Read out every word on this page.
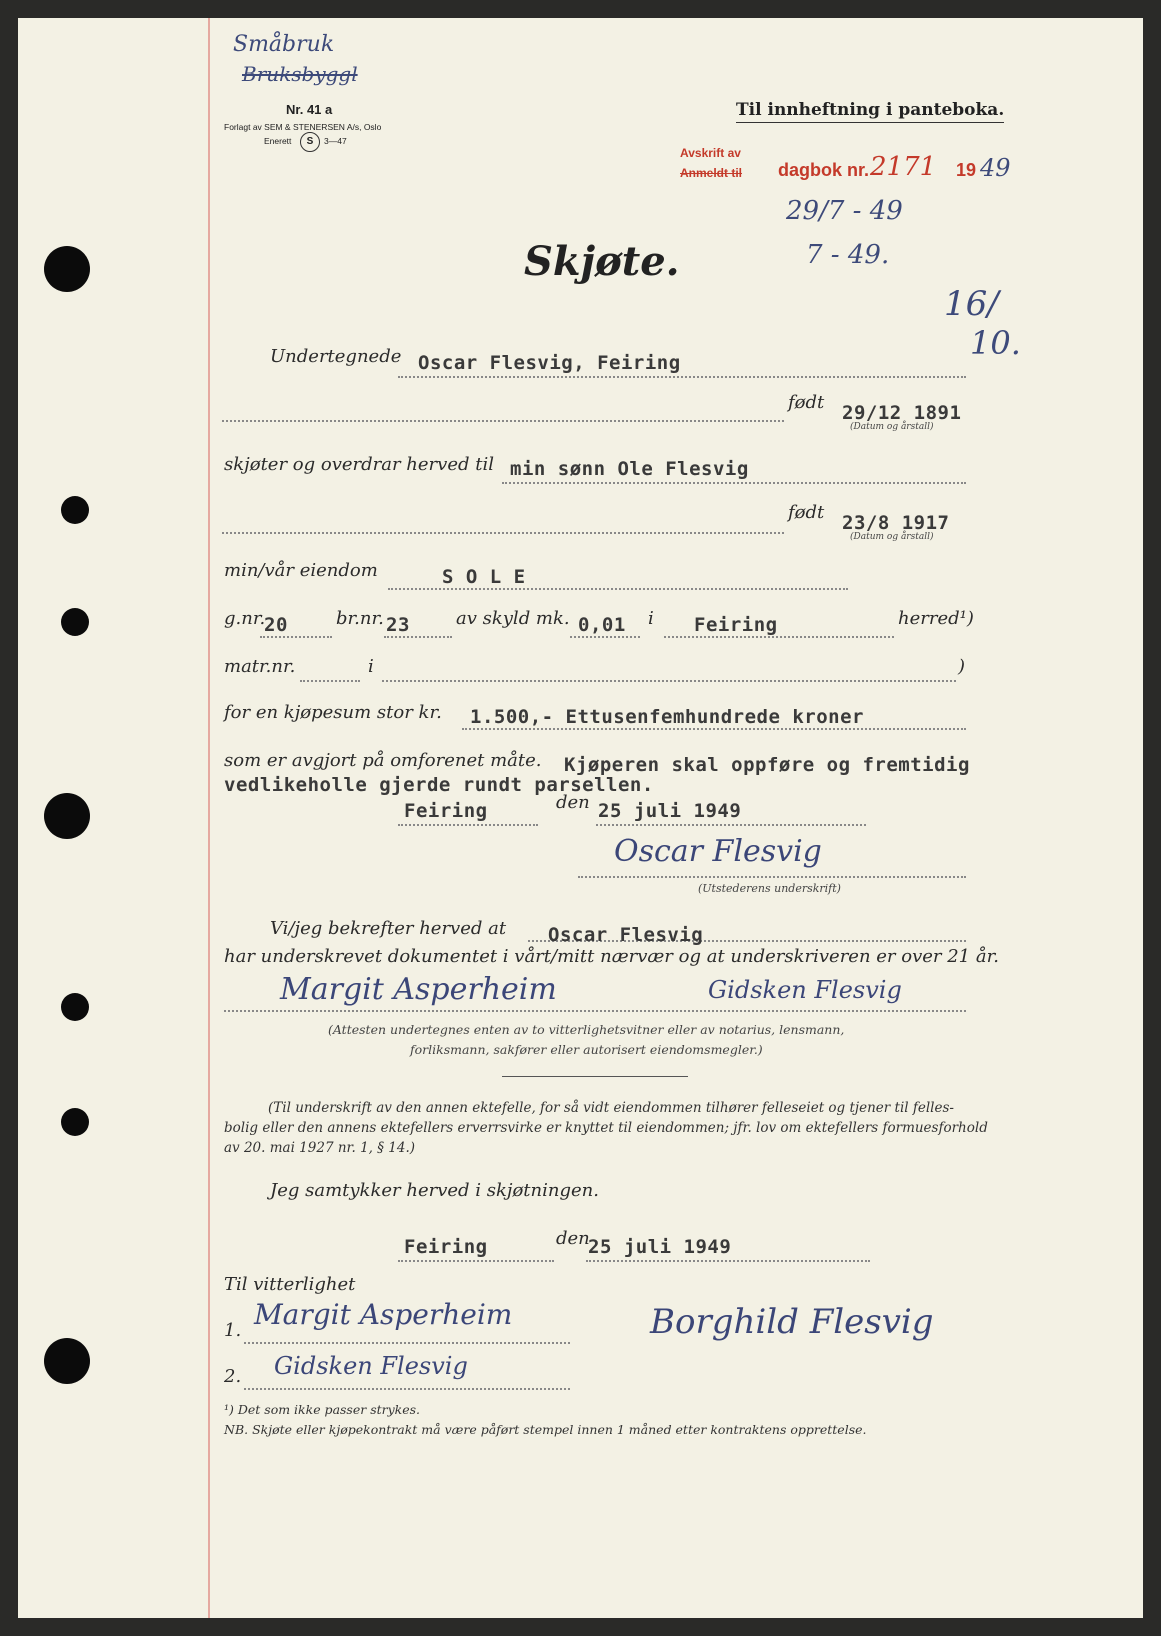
Småbruk
Bruksbyggl
Nr. 41 a
Forlagt av SEM & STENERSEN A/s, Oslo
Enerett	S	3—47
Til innheftning i panteboka.
Avskrift av
Anmeldt til dagbok nr. 2171 19 49
29/7 - 49
7 - 49.
16/
10.
Skjøte.
Undertegnede Oscar Flesvig, Feiring
født 29/12 1891
(Datum og årstall)
skjøter og overdrar herved til min sønn Ole Flesvig
født 23/8 1917
(Datum og årstall)
min/vår eiendom	S O L E
g.nr.
20	br.nr. 23	av skyld mk. 0,01 i Feiring	herred¹)
matr.nr.	i	)
for en kjøpesum stor kr. 1.500,- Ettusenfemhundrede kroner
som er avgjort på omforenet måte. Kjøperen skal oppføre og fremtidig
vedlikeholle gjerde rundt parsellen.
Feiring	den 25 juli 1949
Oscar Flesvig
(Utstederens underskrift)
Vi/jeg bekrefter herved at Oscar Flesvig
har underskrevet dokumentet i vårt/mitt nærvær og at underskriveren er over 21 år.
Margit Asperheim	Gidsken Flesvig
(Attesten undertegnes enten av to vitterlighetsvitner eller av notarius, lensmann,
forliksmann, sakfører eller autorisert eiendomsmegler.)
(Til underskrift av den annen ektefelle, for så vidt eiendommen tilhører felleseiet og tjener til felles-
bolig eller den annens ektefellers erverrsvirke er knyttet til eiendommen; jfr. lov om ektefellers formuesforhold
av 20. mai 1927 nr. 1, § 14.)
Jeg samtykker herved i skjøtningen.
Feiring	den
25 juli 1949
Til vitterlighet
1. Margit Asperheim
2. Gidsken Flesvig
Borghild Flesvig
¹) Det som ikke passer strykes.
NB. Skjøte eller kjøpekontrakt må være påført stempel innen 1 måned etter kontraktens opprettelse.
